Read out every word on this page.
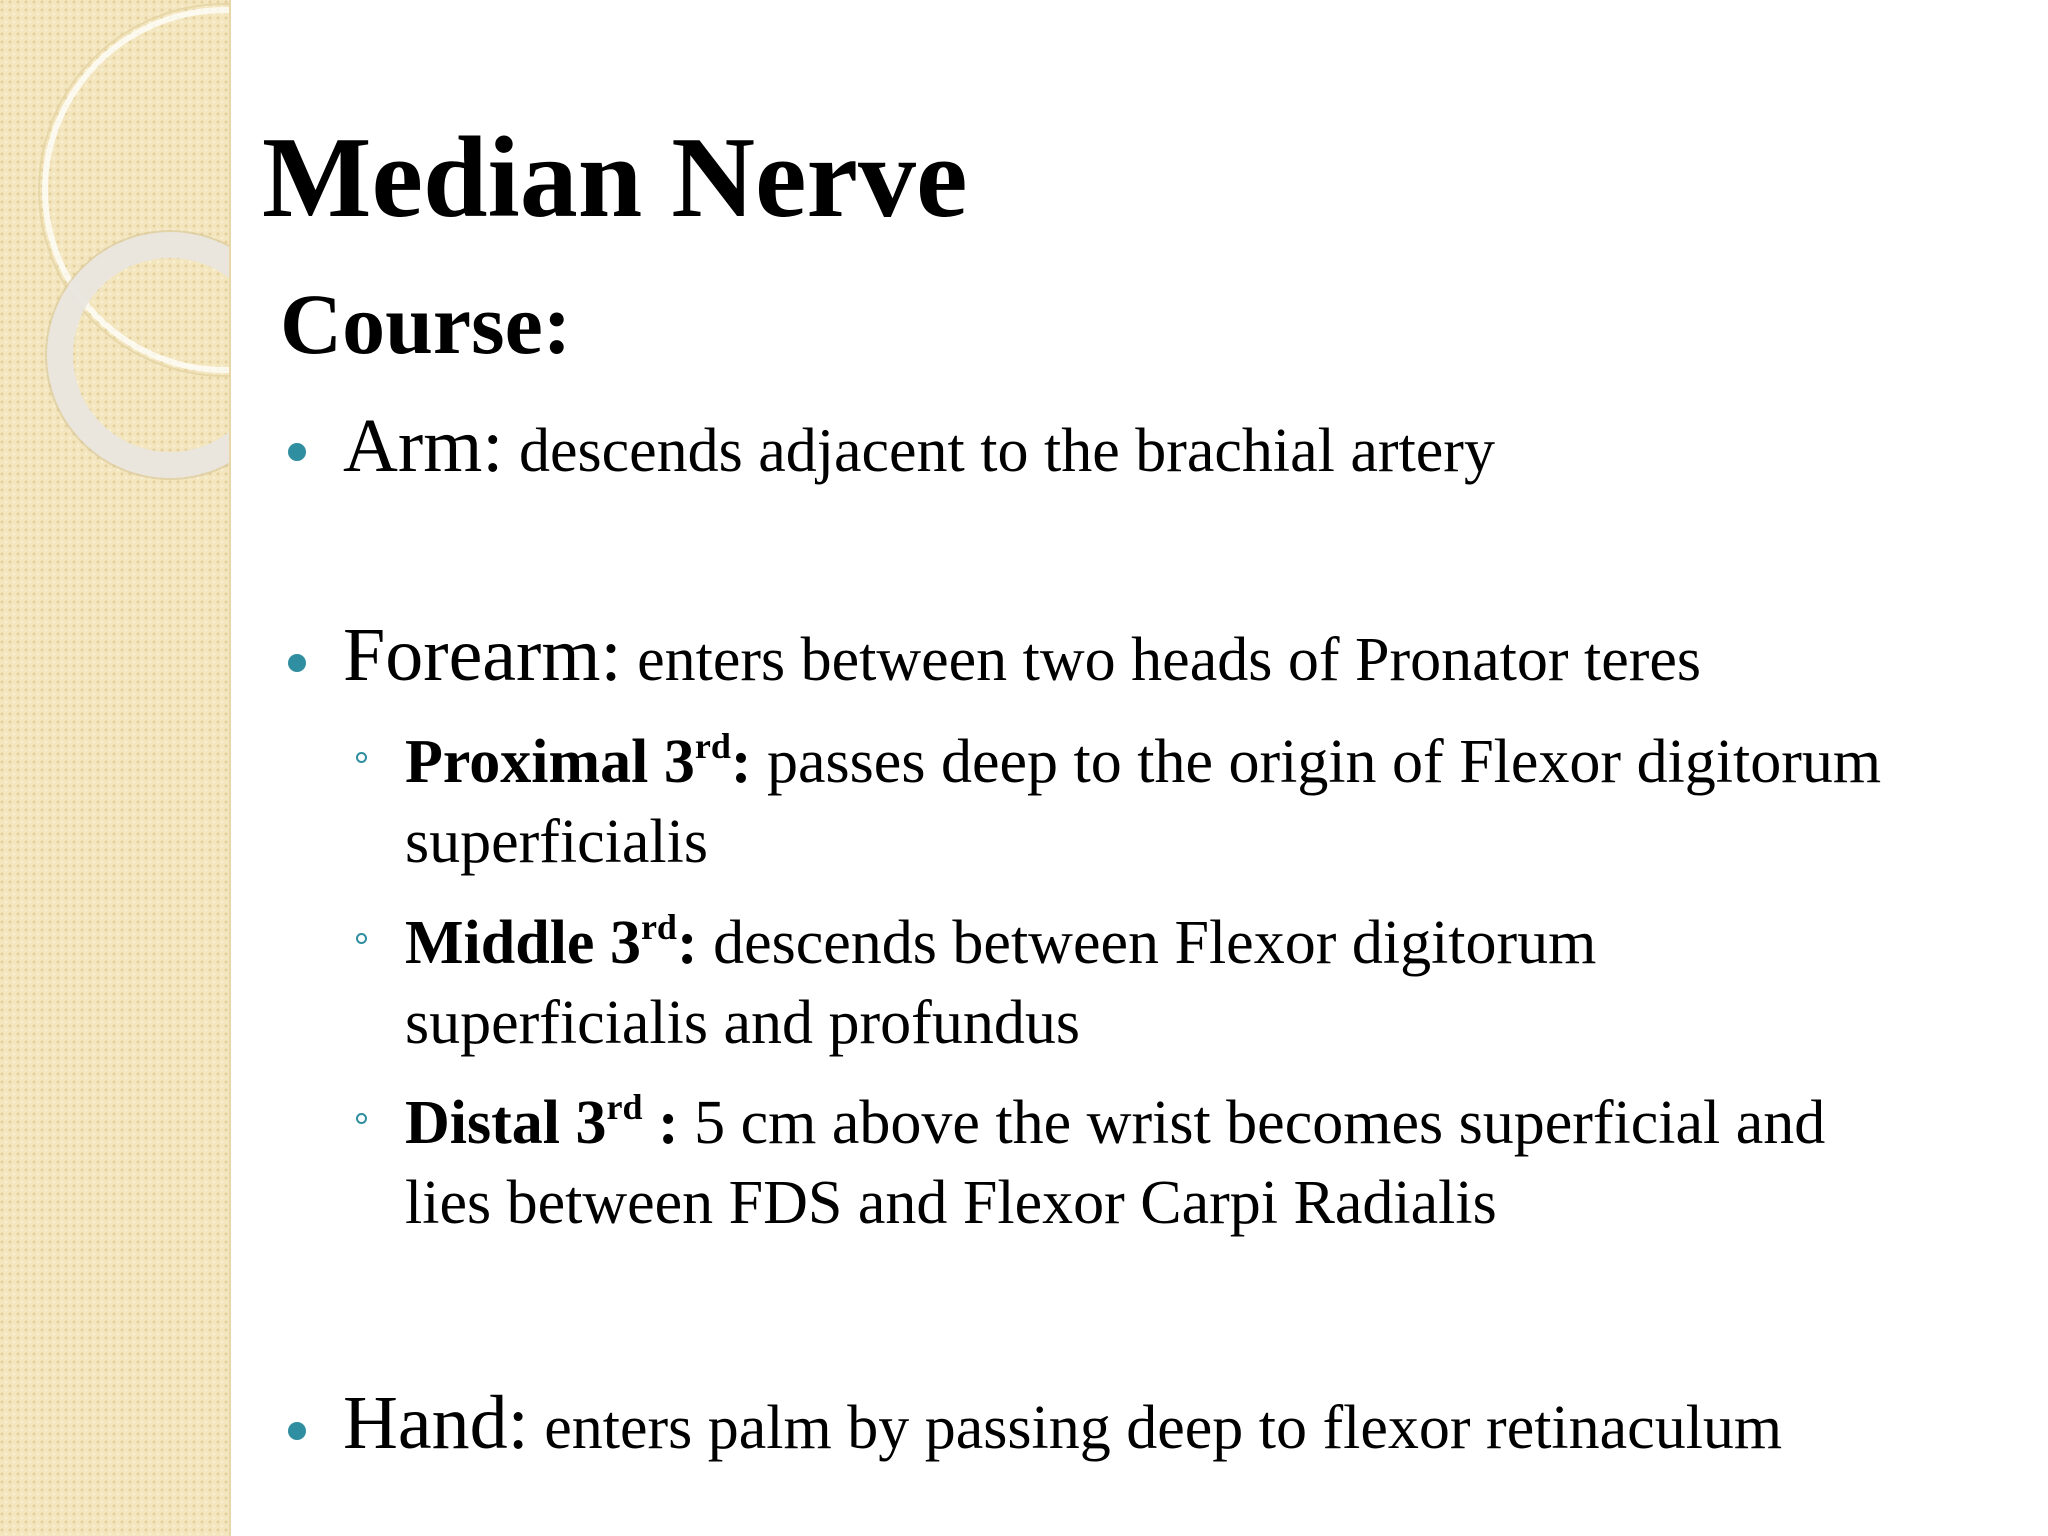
Median Nerve
Course:
Arm: descends adjacent to the brachial artery
Forearm: enters between two heads of Pronator teres
Proximal 3rd: passes deep to the origin of Flexor digitorum superficialis
Middle 3rd: descends between Flexor digitorum superficialis and profundus
Distal 3rd : 5 cm above the wrist becomes superficial and lies between FDS and Flexor Carpi Radialis
Hand: enters palm by passing deep to flexor retinaculum
